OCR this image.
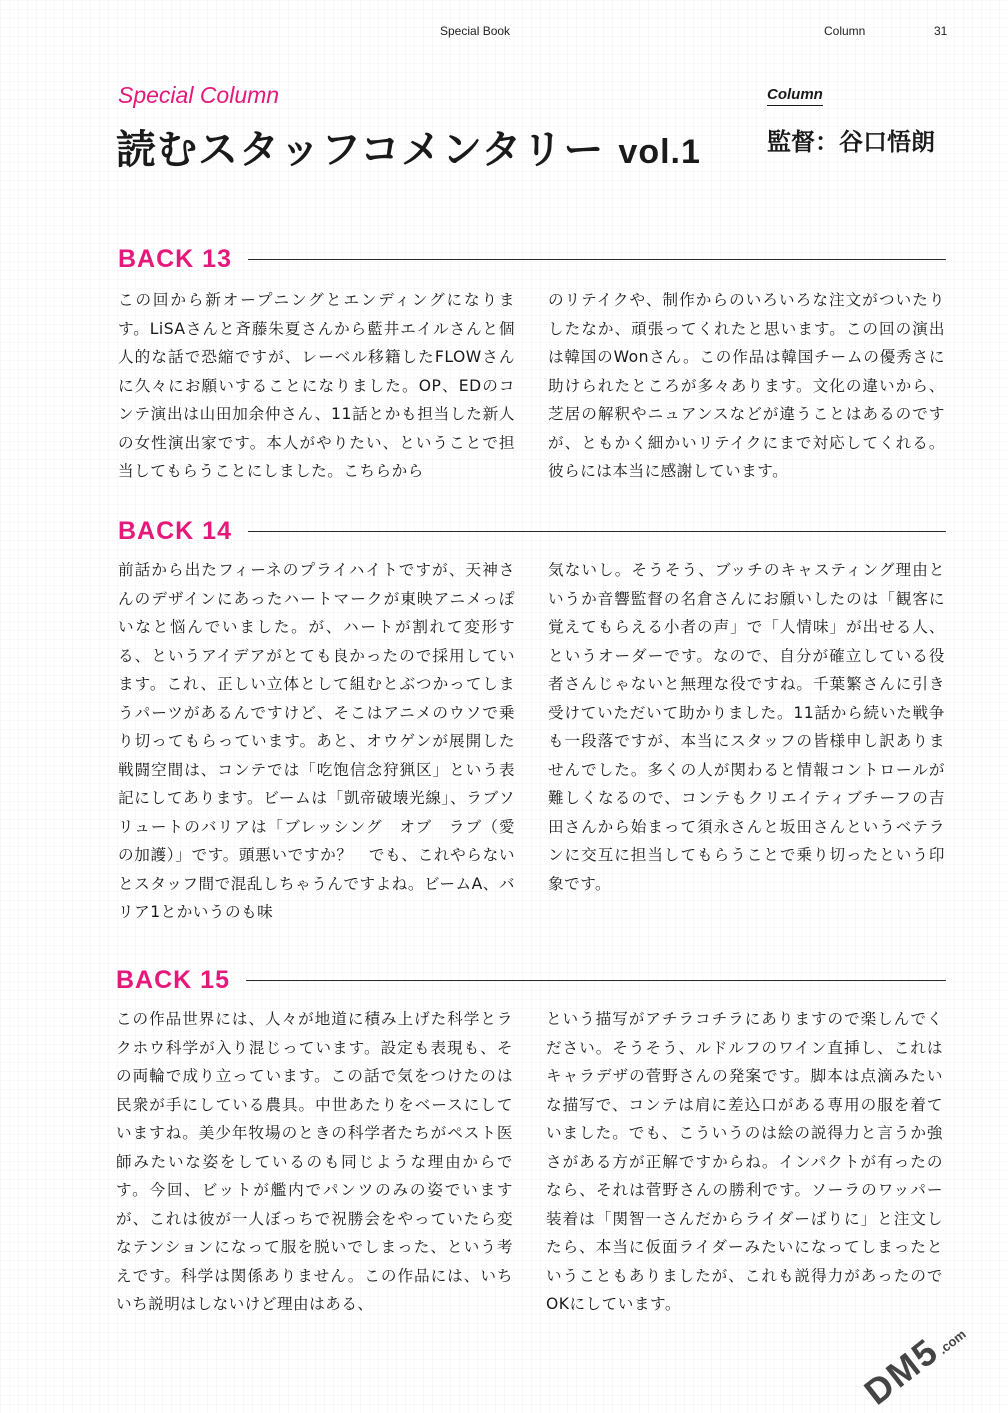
Special Book	Column	31
Special Column
読むスタッフコメンタリー vol.1
Column
監督：谷口悟朗
BACK 13

この回から新オープニングとエンディングになります。LiSAさんと斉藤朱夏さんから藍井エイルさんと個人的な話で恐縮ですが、レーベル移籍したFLOWさんに久々にお願いすることになりました。OP、EDのコンテ演出は山田加余仲さん、11話とかも担当した新人の女性演出家です。本人がやりたい、ということで担当してもらうことにしました。こちらから

のリテイクや、制作からのいろいろな注文がついたりしたなか、頑張ってくれたと思います。この回の演出は韓国のWonさん。この作品は韓国チームの優秀さに助けられたところが多々あります。文化の違いから、芝居の解釈やニュアンスなどが違うことはあるのですが、ともかく細かいリテイクにまで対応してくれる。彼らには本当に感謝しています。

BACK 14

前話から出たフィーネのプライハイトですが、天神さんのデザインにあったハートマークが東映アニメっぽいなと悩んでいました。が、ハートが割れて変形する、というアイデアがとても良かったので採用しています。これ、正しい立体として組むとぶつかってしまうパーツがあるんですけど、そこはアニメのウソで乗り切ってもらっています。あと、オウゲンが展開した戦闘空間は、コンテでは「吃饱信念狩猟区」という表記にしてあります。ビームは「凱帝破壊光線」、ラブソリュートのバリアは「ブレッシング　オブ　ラブ（愛の加護）」です。頭悪いですか？　でも、これやらないとスタッフ間で混乱しちゃうんですよね。ビームA、バリア1とかいうのも味

気ないし。そうそう、ブッチのキャスティング理由というか音響監督の名倉さんにお願いしたのは「観客に覚えてもらえる小者の声」で「人情味」が出せる人、というオーダーです。なので、自分が確立している役者さんじゃないと無理な役ですね。千葉繁さんに引き受けていただいて助かりました。11話から続いた戦争も一段落ですが、本当にスタッフの皆様申し訳ありませんでした。多くの人が関わると情報コントロールが難しくなるので、コンテもクリエイティブチーフの吉田さんから始まって須永さんと坂田さんというベテランに交互に担当してもらうことで乗り切ったという印象です。

BACK 15

この作品世界には、人々が地道に積み上げた科学とラクホウ科学が入り混じっています。設定も表現も、その両輪で成り立っています。この話で気をつけたのは民衆が手にしている農具。中世あたりをベースにしていますね。美少年牧場のときの科学者たちがペスト医師みたいな姿をしているのも同じような理由からです。今回、ビットが艦内でパンツのみの姿でいますが、これは彼が一人ぼっちで祝勝会をやっていたら変なテンションになって服を脱いでしまった、という考えです。科学は関係ありません。この作品には、いちいち説明はしないけど理由はある、

という描写がアチラコチラにありますので楽しんでください。そうそう、ルドルフのワイン直挿し、これはキャラデザの菅野さんの発案です。脚本は点滴みたいな描写で、コンテは肩に差込口がある専用の服を着ていました。でも、こういうのは絵の説得力と言うか強さがある方が正解ですからね。インパクトが有ったのなら、それは菅野さんの勝利です。ソーラのワッパー装着は「関智一さんだからライダーばりに」と注文したら、本当に仮面ライダーみたいになってしまったということもありましたが、これも説得力があったのでOKにしています。

DM5.com
